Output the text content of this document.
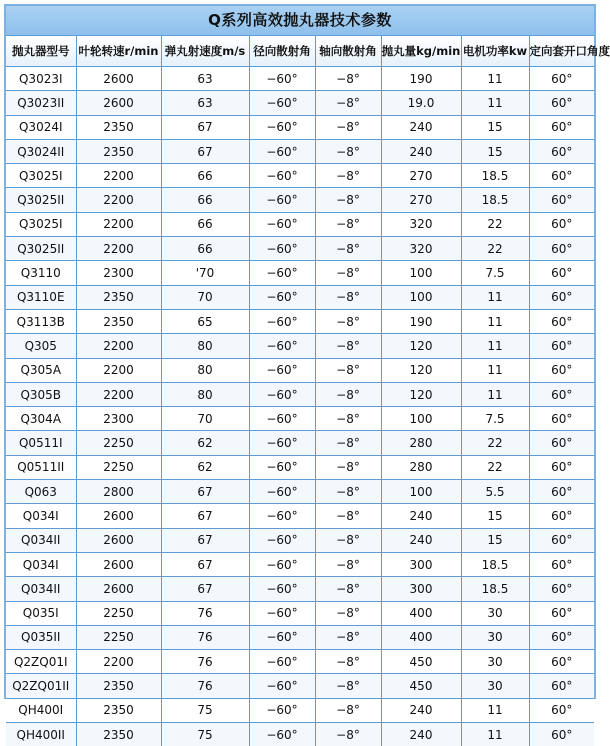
Q系列高效抛丸器技术参数
抛丸器型号	叶轮转速r/min	弹丸射速度m/s	径向散射角	轴向散射角	抛丸量kg/min	电机功率kw	定向套开口角度
Q3023I	2600	63	−60°	−8°	190	11	60°
Q3023II	2600	63	−60°	−8°	19.0	11	60°
Q3024I	2350	67	−60°	−8°	240	15	60°
Q3024II	2350	67	−60°	−8°	240	15	60°
Q3025I	2200	66	−60°	−8°	270	18.5	60°
Q3025II	2200	66	−60°	−8°	270	18.5	60°
Q3025I	2200	66	−60°	−8°	320	22	60°
Q3025II	2200	66	−60°	−8°	320	22	60°
Q3110	2300	'70	−60°	−8°	100	7.5	60°
Q3110E	2350	70	−60°	−8°	100	11	60°
Q3113B	2350	65	−60°	−8°	190	11	60°
Q305	2200	80	−60°	−8°	120	11	60°
Q305A	2200	80	−60°	−8°	120	11	60°
Q305B	2200	80	−60°	−8°	120	11	60°
Q304A	2300	70	−60°	−8°	100	7.5	60°
Q0511I	2250	62	−60°	−8°	280	22	60°
Q0511II	2250	62	−60°	−8°	280	22	60°
Q063	2800	67	−60°	−8°	100	5.5	60°
Q034I	2600	67	−60°	−8°	240	15	60°
Q034II	2600	67	−60°	−8°	240	15	60°
Q034I	2600	67	−60°	−8°	300	18.5	60°
Q034II	2600	67	−60°	−8°	300	18.5	60°
Q035I	2250	76	−60°	−8°	400	30	60°
Q035II	2250	76	−60°	−8°	400	30	60°
Q2ZQ01I	2200	76	−60°	−8°	450	30	60°
Q2ZQ01II	2350	76	−60°	−8°	450	30	60°
QH400I	2350	75	−60°	−8°	240	11	60°
QH400II	2350	75	−60°	−8°	240	11	60°
